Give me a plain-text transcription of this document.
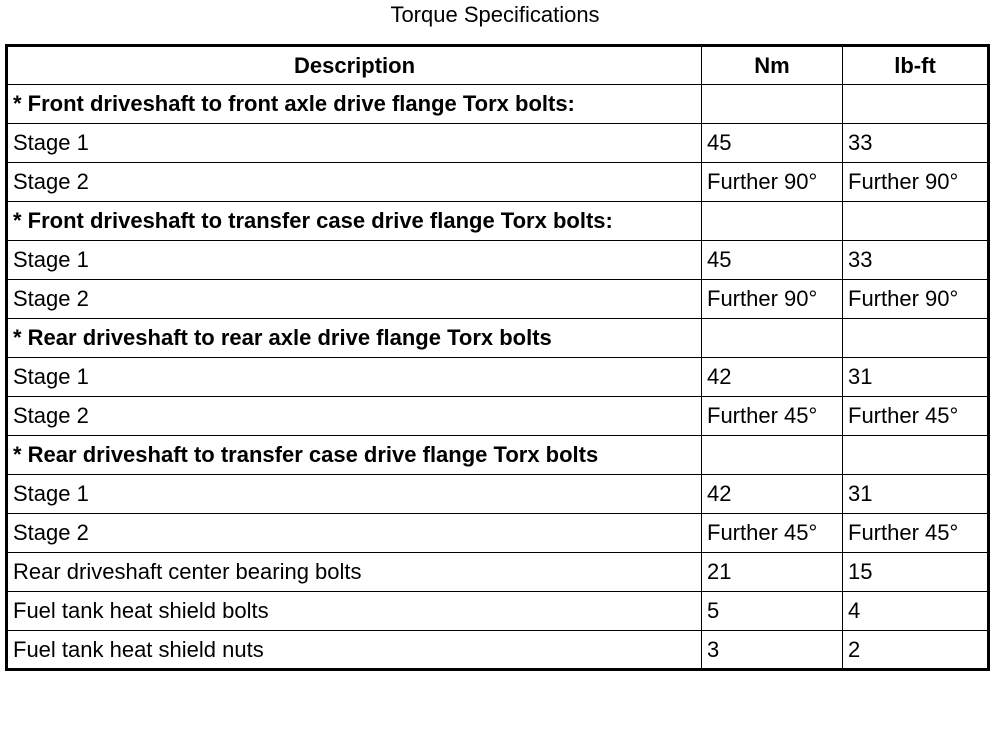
Torque Specifications
Description	Nm	lb-ft
* Front driveshaft to front axle drive flange Torx bolts:		
Stage 1	45	33
Stage 2	Further 90°	Further 90°
* Front driveshaft to transfer case drive flange Torx bolts:		
Stage 1	45	33
Stage 2	Further 90°	Further 90°
* Rear driveshaft to rear axle drive flange Torx bolts		
Stage 1	42	31
Stage 2	Further 45°	Further 45°
* Rear driveshaft to transfer case drive flange Torx bolts		
Stage 1	42	31
Stage 2	Further 45°	Further 45°
Rear driveshaft center bearing bolts	21	15
Fuel tank heat shield bolts	5	4
Fuel tank heat shield nuts	3	2
